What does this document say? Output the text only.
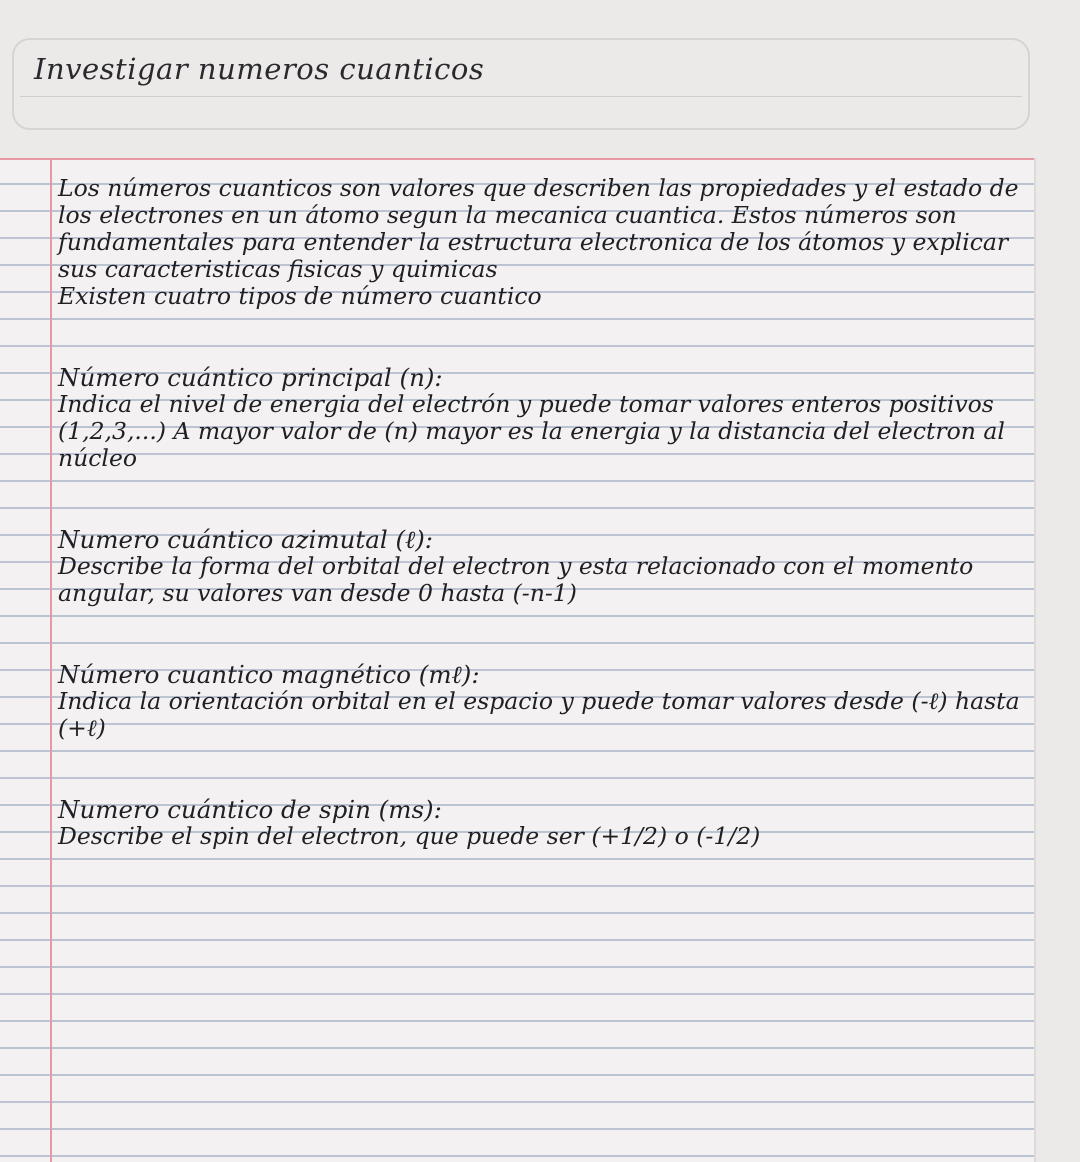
Investigar numeros cuanticos

Los números cuanticos son valores que describen las propiedades y el estado de los electrones en un átomo segun la mecanica cuantica. Estos números son fundamentales para entender la estructura electronica de los átomos y explicar sus caracteristicas fisicas y quimicas

Existen cuatro tipos de número cuantico

Número cuántico principal (n):

Indica el nivel de energia del electrón y puede tomar valores enteros positivos (1,2,3,...) A mayor valor de (n) mayor es la energia y la distancia del electron al núcleo

Numero cuántico azimutal (ℓ):

Describe la forma del orbital del electron y esta relacionado con el momento angular, su valores van desde 0 hasta (-n-1)

Número cuantico magnético (mℓ):

Indica la orientación orbital en el espacio y puede tomar valores desde (-ℓ) hasta (+ℓ)

Numero cuántico de spin (ms):

Describe el spin del electron, que puede ser (+1/2) o (-1/2)
